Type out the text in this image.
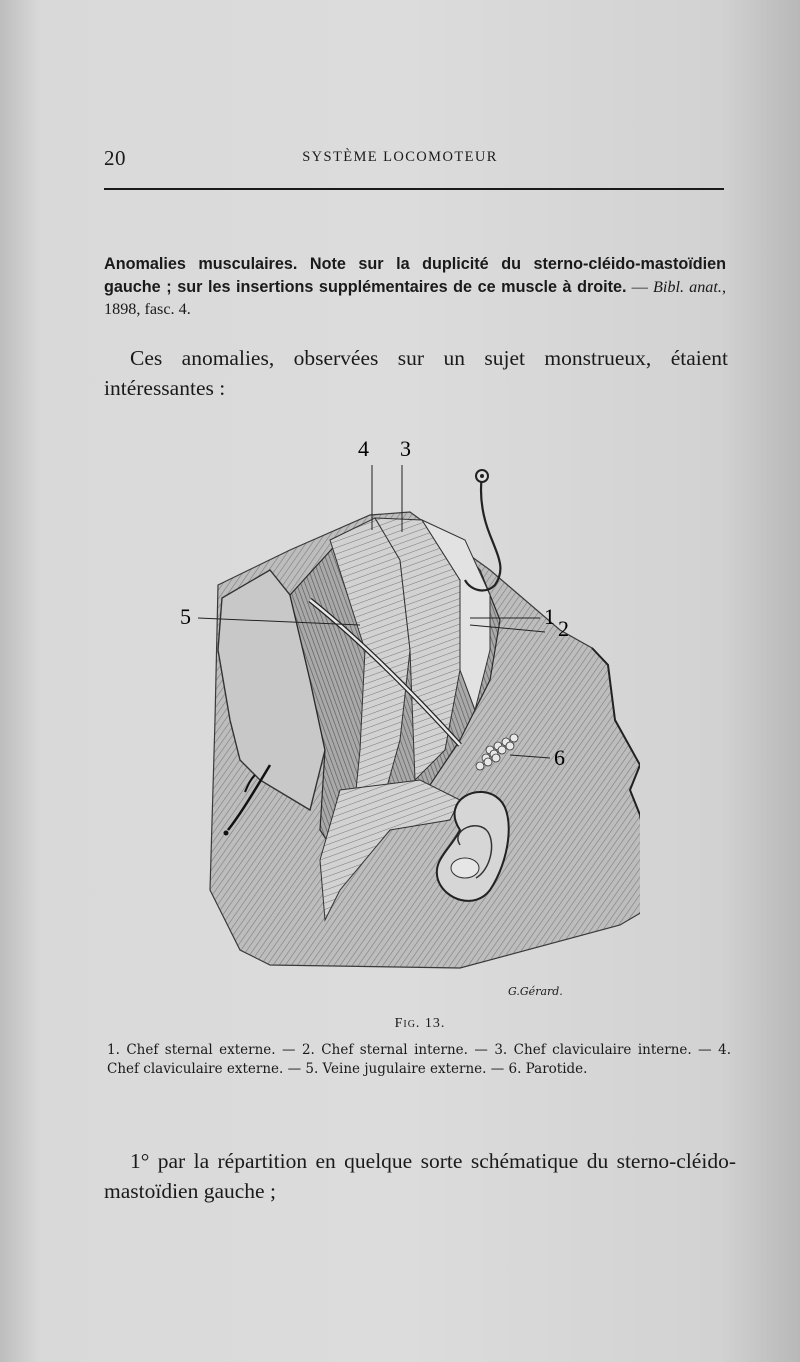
20	SYSTÈME LOCOMOTEUR
Anomalies musculaires. Note sur la duplicité du sterno-cléido-mastoïdien gauche ; sur les insertions supplémentaires de ce muscle à droite. — Bibl. anat., 1898, fasc. 4.
Ces anomalies, observées sur un sujet monstrueux, étaient intéressantes :
4 3
5	1 2
6
G.Gérard.
Fig. 13.
1. Chef sternal externe. — 2. Chef sternal interne. — 3. Chef claviculaire interne. — 4. Chef claviculaire externe. — 5. Veine jugulaire externe. — 6. Parotide.
1° par la répartition en quelque sorte schématique du sterno-cléido-mastoïdien gauche ;
